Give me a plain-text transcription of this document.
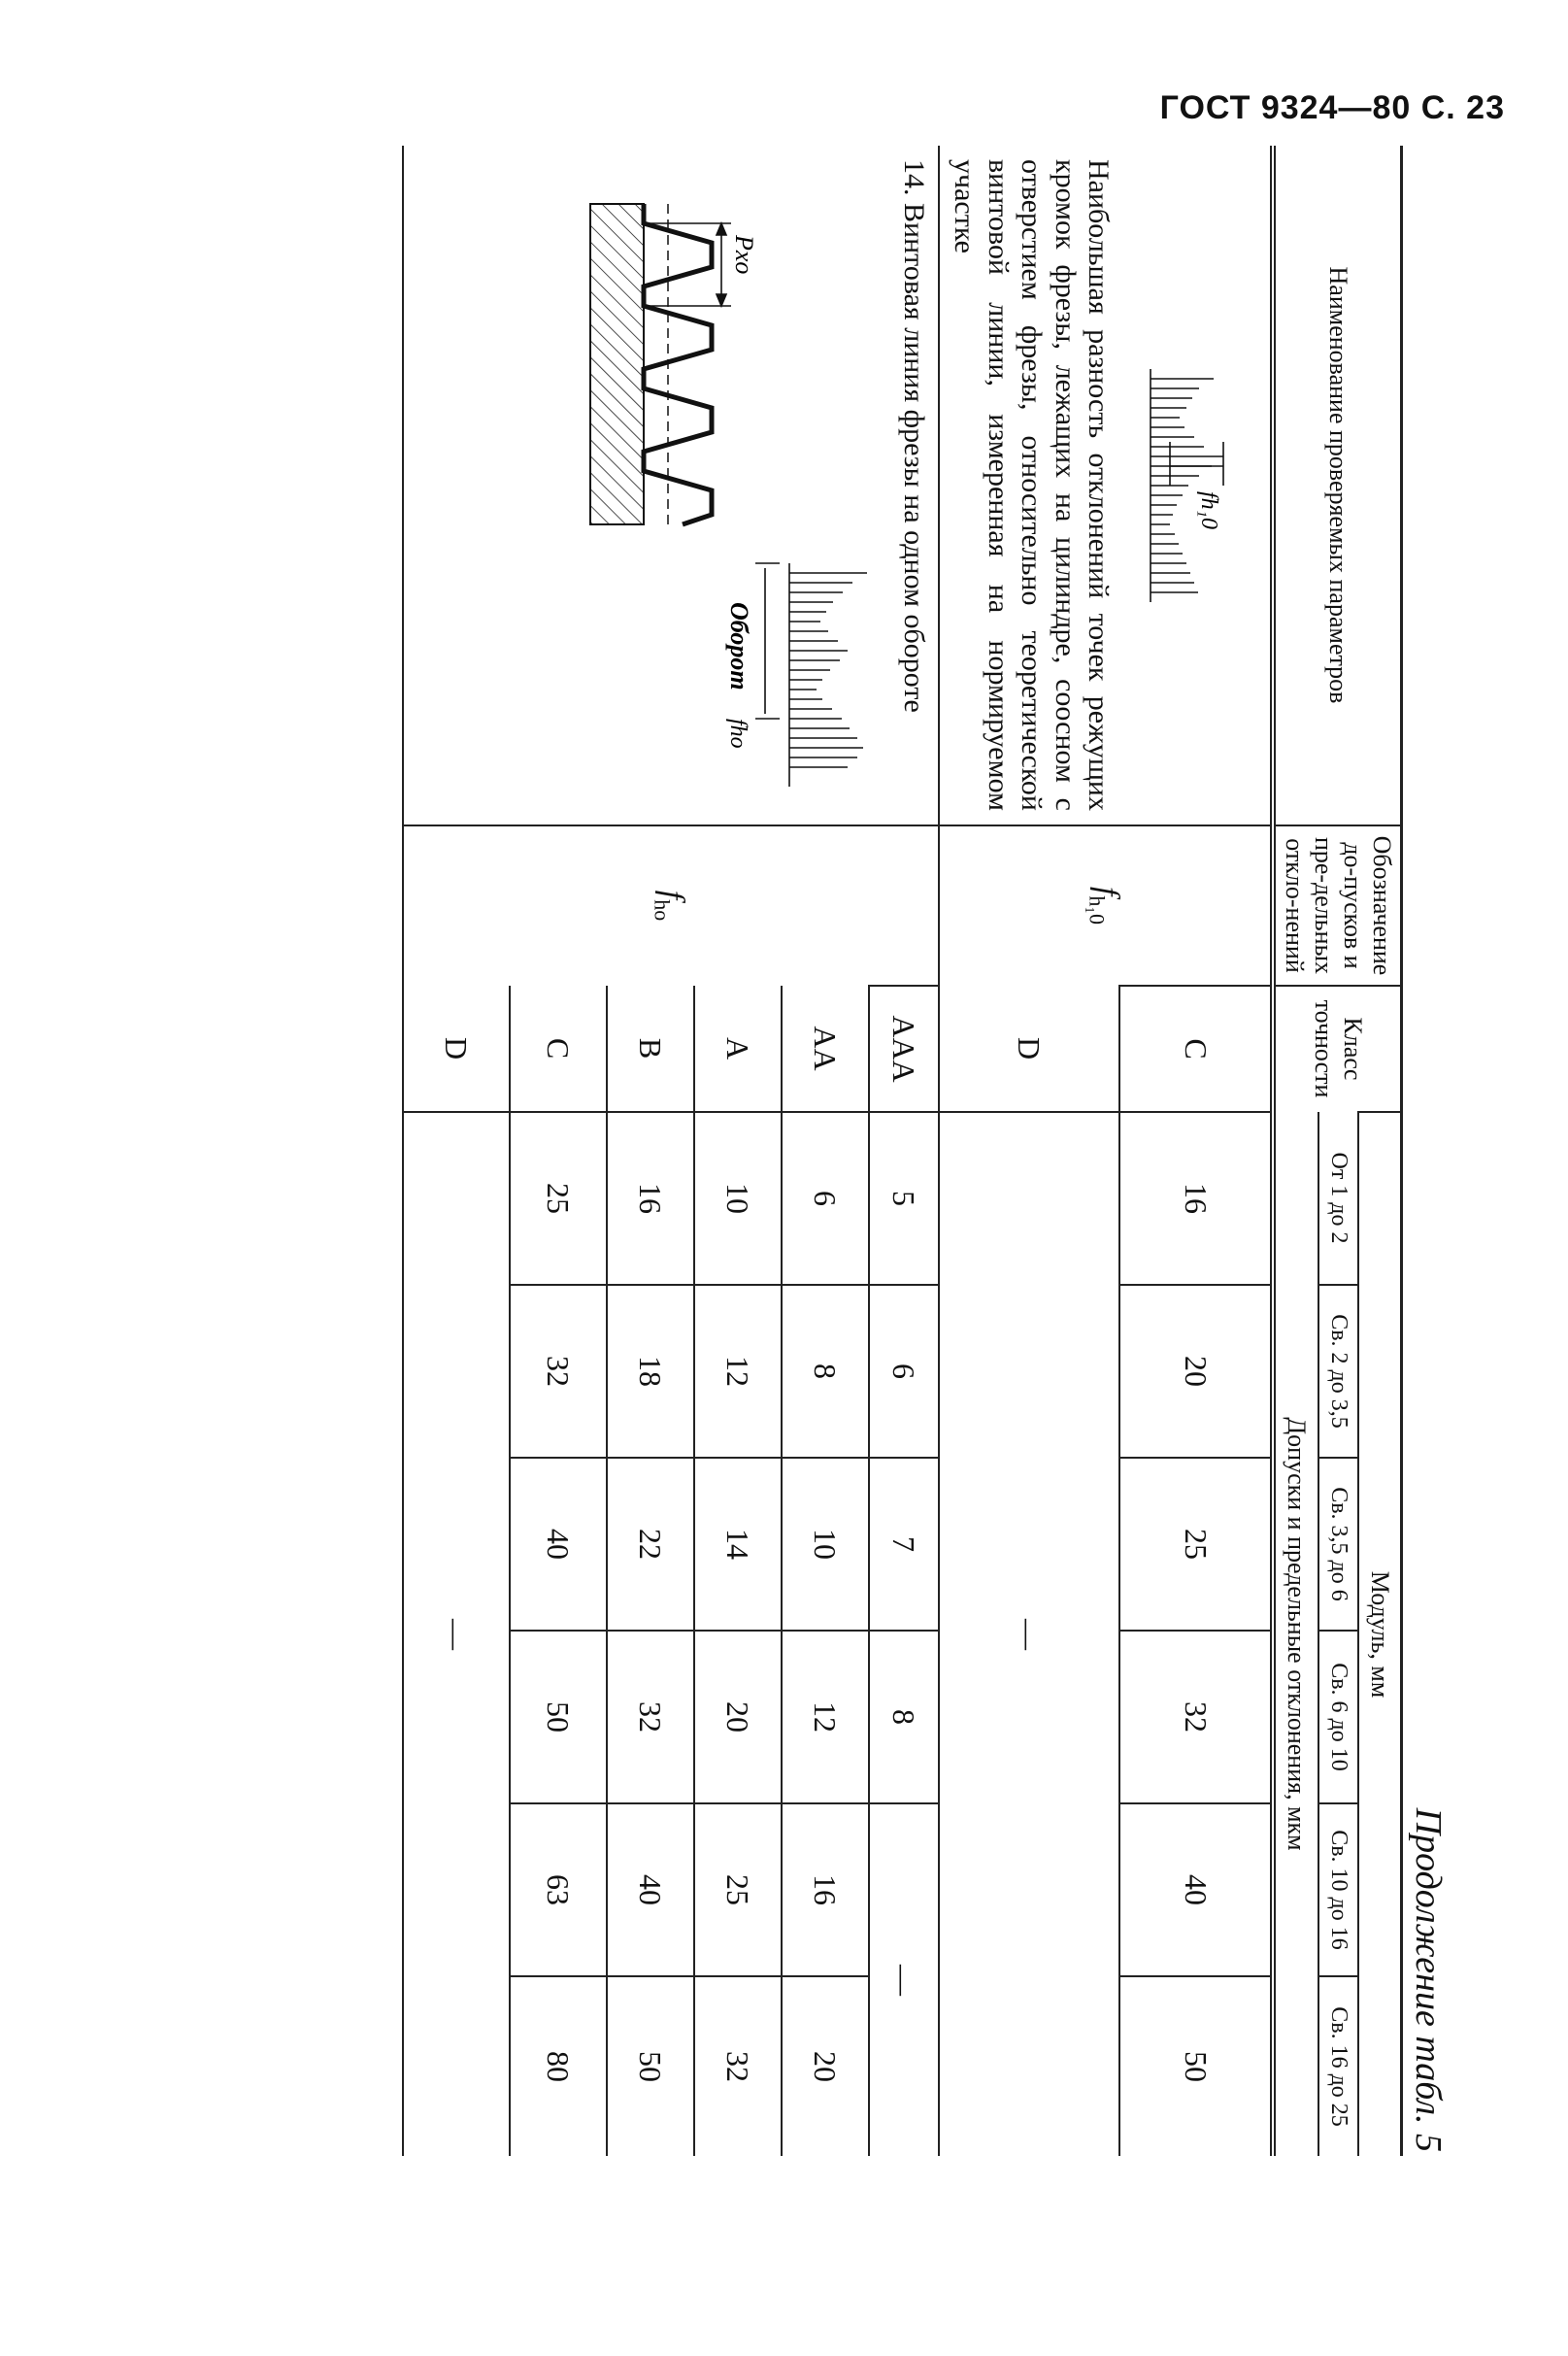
ГОСТ 9324—80 С. 23
Продолжение табл. 5
Наименование проверяемых параметров	Обозначение до-пусков и пре-дельных откло-нений	Класс точности	Модуль, мм					
			От 1 до 2	Св. 2 до 3,5	Св. 3,5 до 6	Св. 6 до 10	Св. 10 до 16	Св. 16 до 25
			Допуски и предельные отклонения, мкм					

fh₁0
Наибольшая разность отклонений точек режущих кромок фрезы, лежащих на цилиндре, соосном с отверстием фрезы, относительно теоретической винтовой линии, измеренная на нормируемом участке	$f_{h_10}$	C	16	20	25	32	40	50
		D	—					

14. Винтовая линия фрезы на одном обороте
Pxo
Оборот
fho	$f_{ho}$	AAA	5	6	7	8	—	
		AA	6	8	10	12	16	20
		A	10	12	14	20	25	32
		B	16	18	22	32	40	50
		C	25	32	40	50	63	80
		D	—					
